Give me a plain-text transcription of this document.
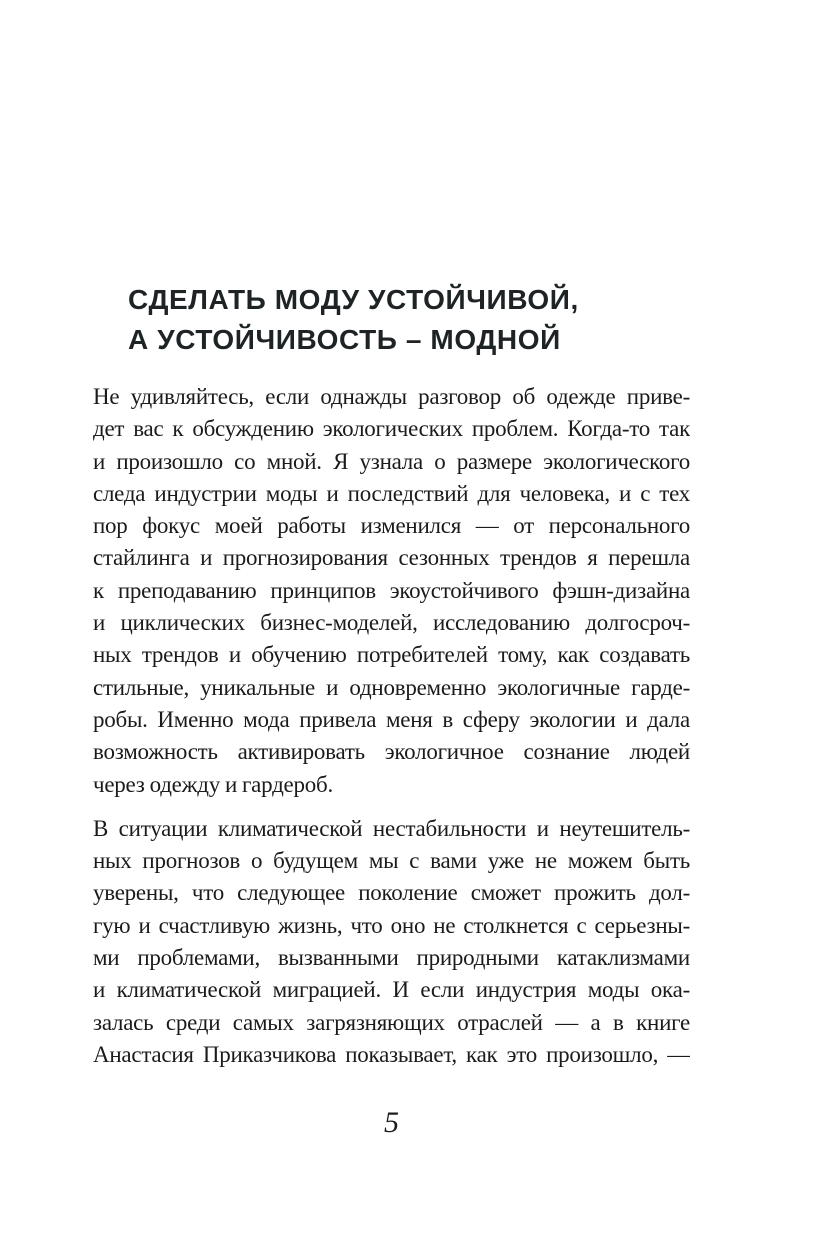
СДЕЛАТЬ МОДУ УСТОЙЧИВОЙ,
А УСТОЙЧИВОСТЬ – МОДНОЙ
Не удивляйтесь, если однажды разговор об одежде приве-
дет вас к обсуждению экологических проблем. Когда-то так
и произошло со мной. Я узнала о размере экологического
следа индустрии моды и последствий для человека, и с тех
пор фокус моей работы изменился — от персонального
стайлинга и прогнозирования сезонных трендов я перешла
к преподаванию принципов экоустойчивого фэшн-дизайна
и циклических бизнес-моделей, исследованию долгосроч-
ных трендов и обучению потребителей тому, как создавать
стильные, уникальные и одновременно экологичные гарде-
робы. Именно мода привела меня в сферу экологии и дала
возможность активировать экологичное сознание людей
через одежду и гардероб.
В ситуации климатической нестабильности и неутешитель-
ных прогнозов о будущем мы с вами уже не можем быть
уверены, что следующее поколение сможет прожить дол-
гую и счастливую жизнь, что оно не столкнется с серьезны-
ми проблемами, вызванными природными катаклизмами
и климатической миграцией. И если индустрия моды ока-
залась среди самых загрязняющих отраслей — а в книге
Анастасия Приказчикова показывает, как это произошло, —
5
